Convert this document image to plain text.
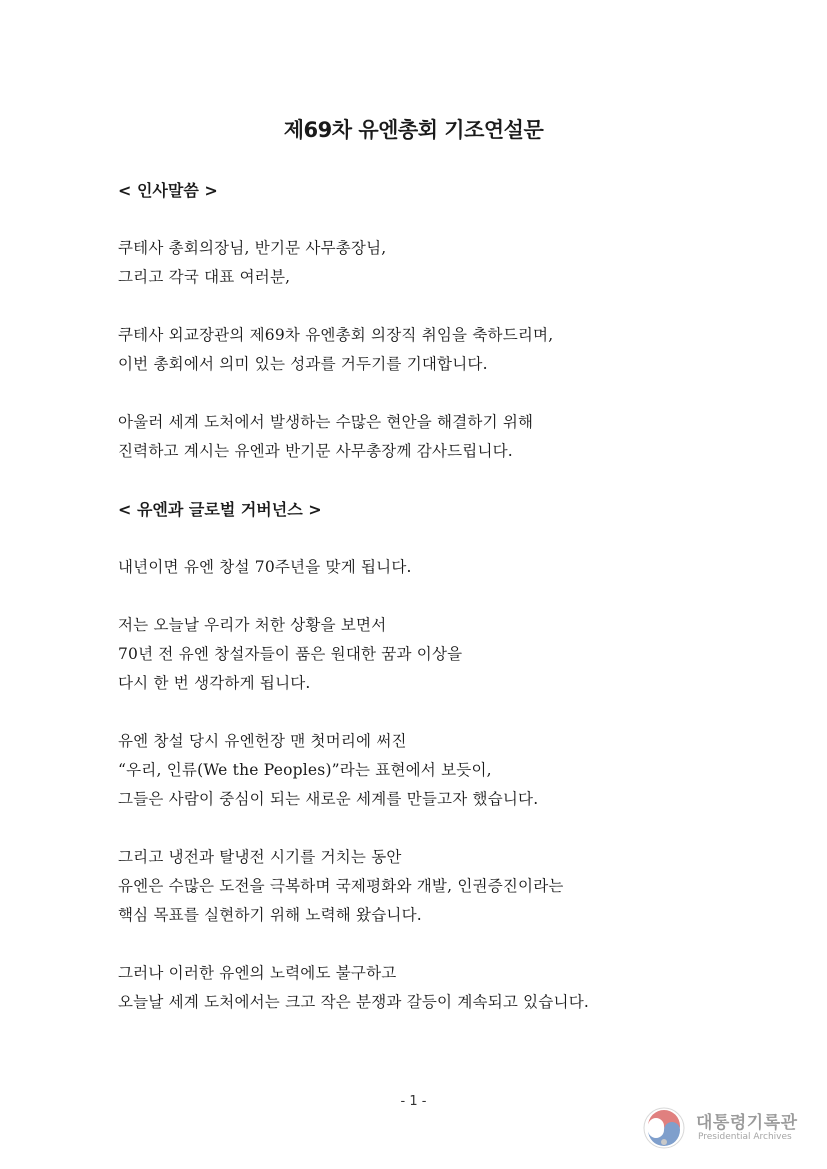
제69차 유엔총회 기조연설문
< 인사말씀 >
쿠테사 총회의장님, 반기문 사무총장님,
그리고 각국 대표 여러분,
쿠테사 외교장관의 제69차 유엔총회 의장직 취임을 축하드리며,
이번 총회에서 의미 있는 성과를 거두기를 기대합니다.
아울러 세계 도처에서 발생하는 수많은 현안을 해결하기 위해
진력하고 계시는 유엔과 반기문 사무총장께 감사드립니다.
< 유엔과 글로벌 거버넌스 >
내년이면 유엔 창설 70주년을 맞게 됩니다.
저는 오늘날 우리가 처한 상황을 보면서
70년 전 유엔 창설자들이 품은 원대한 꿈과 이상을
다시 한 번 생각하게 됩니다.
유엔 창설 당시 유엔헌장 맨 첫머리에 써진
“우리, 인류(We the Peoples)”라는 표현에서 보듯이,
그들은 사람이 중심이 되는 새로운 세계를 만들고자 했습니다.
그리고 냉전과 탈냉전 시기를 거치는 동안
유엔은 수많은 도전을 극복하며 국제평화와 개발, 인권증진이라는
핵심 목표를 실현하기 위해 노력해 왔습니다.
그러나 이러한 유엔의 노력에도 불구하고
오늘날 세계 도처에서는 크고 작은 분쟁과 갈등이 계속되고 있습니다.
- 1 -
대통령기록관
Presidential Archives
